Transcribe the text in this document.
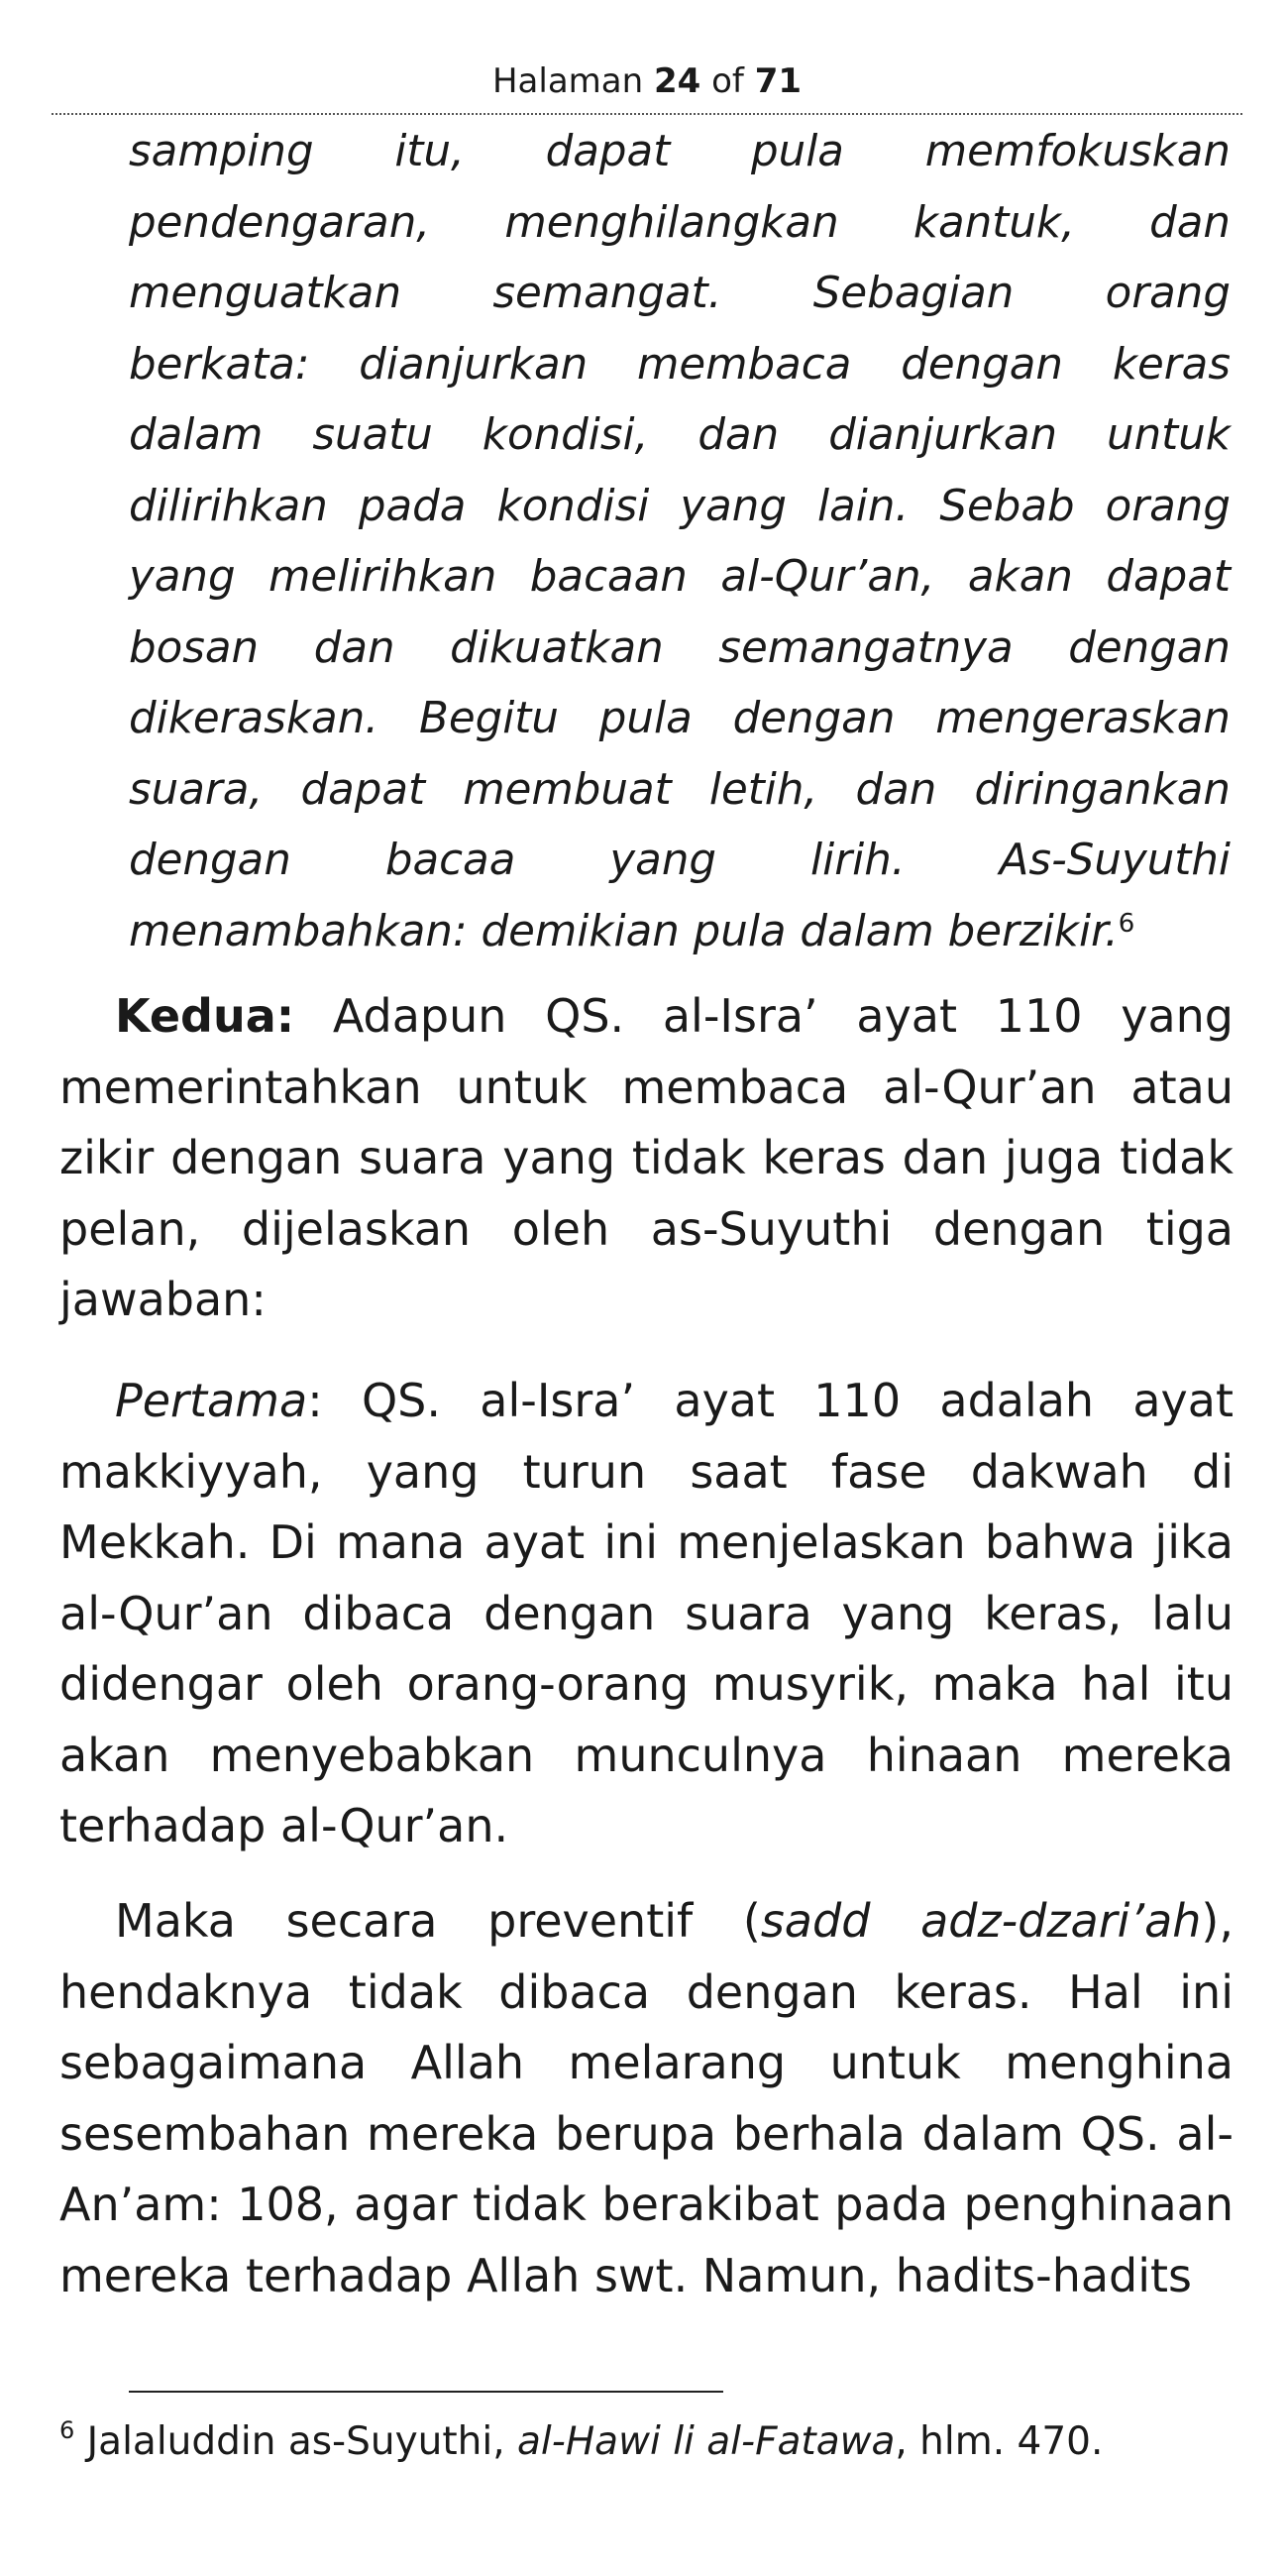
Halaman 24 of 71
samping itu, dapat pula memfokuskan
pendengaran, menghilangkan kantuk, dan
menguatkan semangat. Sebagian orang
berkata: dianjurkan membaca dengan keras
dalam suatu kondisi, dan dianjurkan untuk
dilirihkan pada kondisi yang lain. Sebab orang
yang melirihkan bacaan al-Qur’an, akan dapat
bosan dan dikuatkan semangatnya dengan
dikeraskan. Begitu pula dengan mengeraskan
suara, dapat membuat letih, dan diringankan
dengan bacaa yang lirih. As-Suyuthi
menambahkan: demikian pula dalam berzikir.$^6$

Kedua: Adapun QS. al-Isra’ ayat 110 yang memerintahkan untuk membaca al-Qur’an atau zikir dengan suara yang tidak keras dan juga tidak pelan, dijelaskan oleh as-Suyuthi dengan tiga jawaban:

Pertama: QS. al-Isra’ ayat 110 adalah ayat makkiyyah, yang turun saat fase dakwah di Mekkah. Di mana ayat ini menjelaskan bahwa jika al-Qur’an dibaca dengan suara yang keras, lalu didengar oleh orang-orang musyrik, maka hal itu akan menyebabkan munculnya hinaan mereka terhadap al-Qur’an.

Maka secara preventif (sadd adz-dzari’ah), hendaknya tidak dibaca dengan keras. Hal ini sebagaimana Allah melarang untuk menghina sesembahan mereka berupa berhala dalam QS. al-An’am: 108, agar tidak berakibat pada penghinaan mereka terhadap Allah swt. Namun, hadits-hadits

$^6$ Jalaluddin as-Suyuthi, al-Hawi li al-Fatawa, hlm. 470.
